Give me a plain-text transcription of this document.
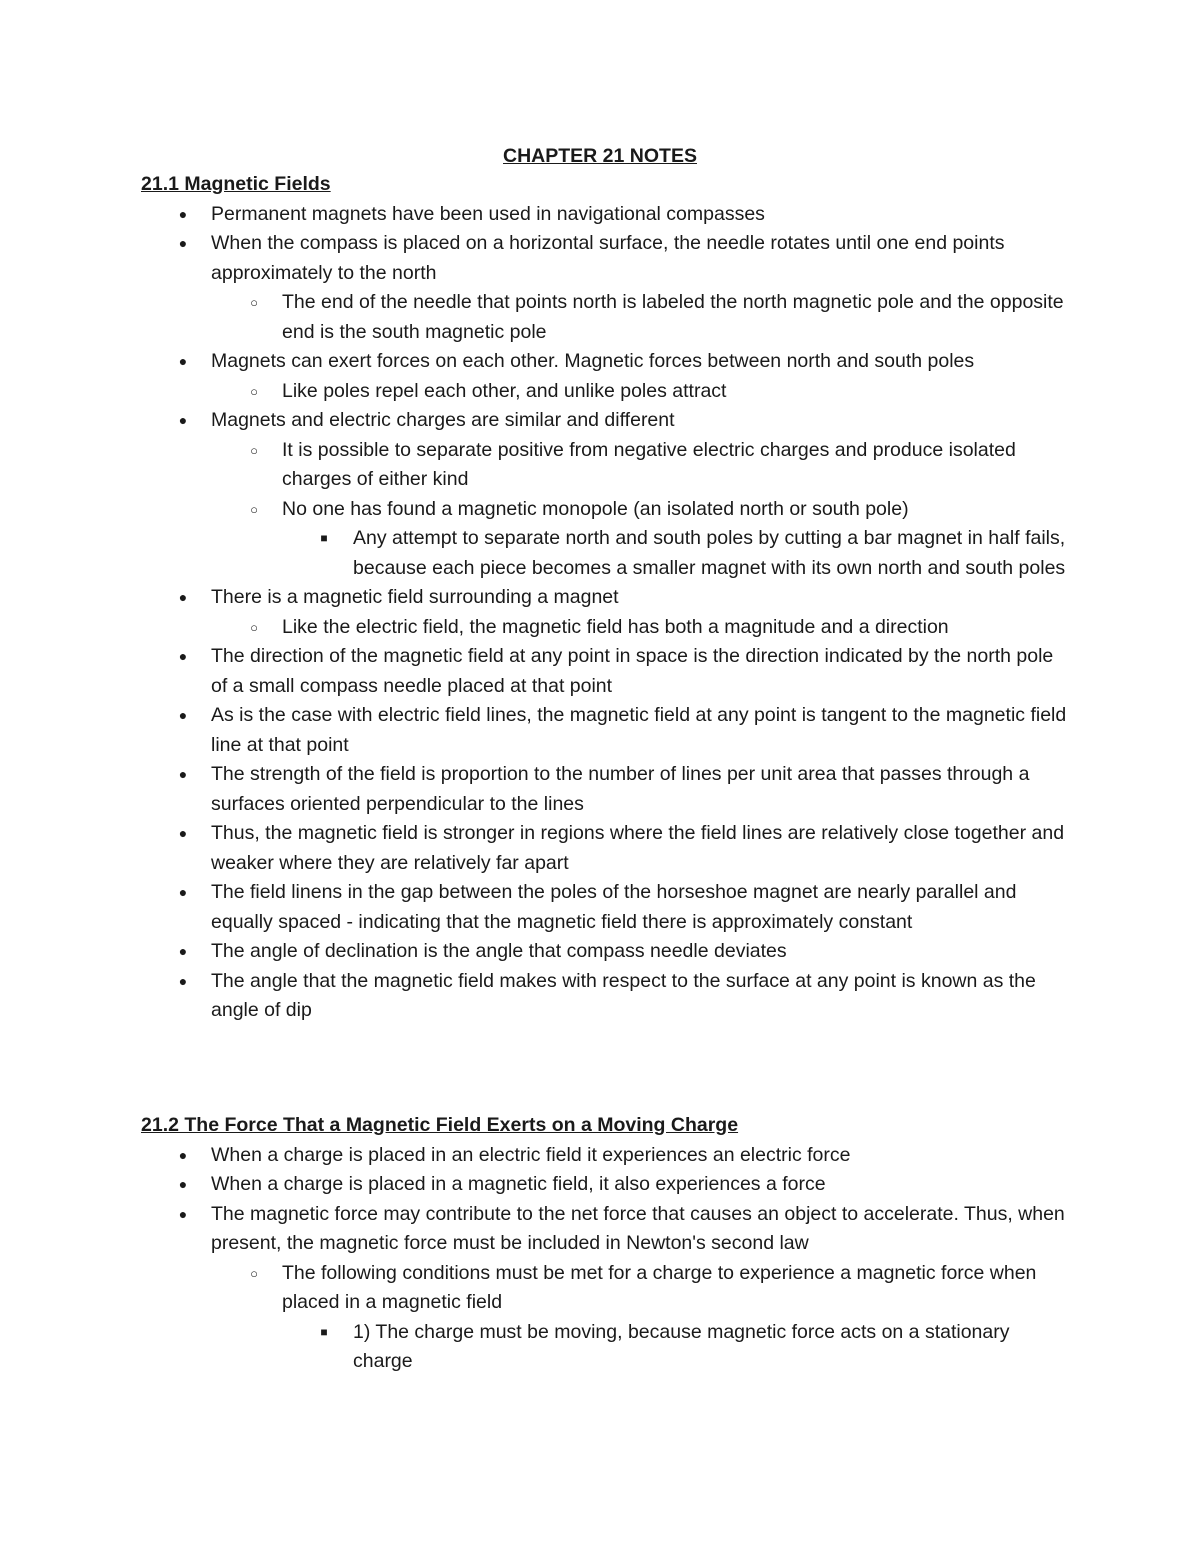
CHAPTER 21 NOTES
21.1 Magnetic Fields
● Permanent magnets have been used in navigational compasses
● When the compass is placed on a horizontal surface, the needle rotates until one end points approximately to the north
○	The end of the needle that points north is labeled the north magnetic pole and the opposite end is the south magnetic pole
● Magnets can exert forces on each other. Magnetic forces between north and south poles
○	Like poles repel each other, and unlike poles attract
● Magnets and electric charges are similar and different
○	It is possible to separate positive from negative electric charges and produce isolated charges of either kind
○	No one has found a magnetic monopole (an isolated north or south pole)
■	Any attempt to separate north and south poles by cutting a bar magnet in half fails, because each piece becomes a smaller magnet with its own north and south poles
● There is a magnetic field surrounding a magnet
○	Like the electric field, the magnetic field has both a magnitude and a direction
● The direction of the magnetic field at any point in space is the direction indicated by the north pole of a small compass needle placed at that point
● As is the case with electric field lines, the magnetic field at any point is tangent to the magnetic field line at that point
● The strength of the field is proportion to the number of lines per unit area that passes through a surfaces oriented perpendicular to the lines
● Thus, the magnetic field is stronger in regions where the field lines are relatively close together and weaker where they are relatively far apart
● The field linens in the gap between the poles of the horseshoe magnet are nearly parallel and equally spaced - indicating that the magnetic field there is approximately constant
● The angle of declination is the angle that compass needle deviates
● The angle that the magnetic field makes with respect to the surface at any point is known as the angle of dip
21.2 The Force That a Magnetic Field Exerts on a Moving Charge
● When a charge is placed in an electric field it experiences an electric force
● When a charge is placed in a magnetic field, it also experiences a force
● The magnetic force may contribute to the net force that causes an object to accelerate. Thus, when present, the magnetic force must be included in Newton's second law
○	The following conditions must be met for a charge to experience a magnetic force when placed in a magnetic field
■	1) The charge must be moving, because magnetic force acts on a stationary charge
